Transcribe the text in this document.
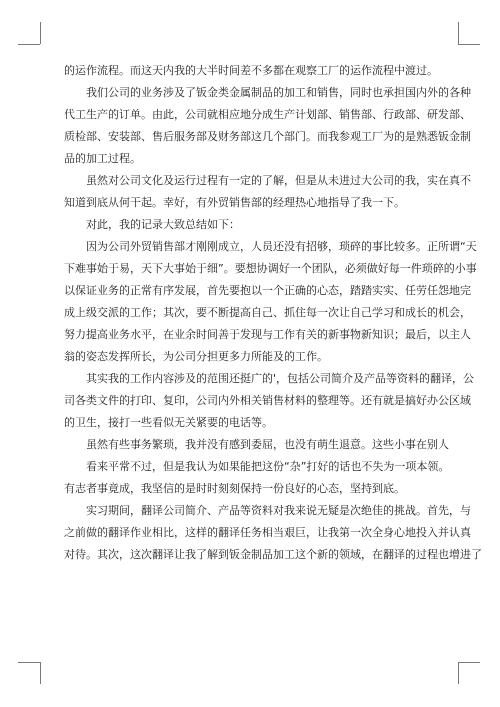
的运作流程。而这天内我的大半时间差不多都在观察工厂的运作流程中渡过。
我们公司的业务涉及了钣金类金属制品的加工和销售，同时也承担国内外的各种
代工生产的订单。由此，公司就相应地分成生产计划部、销售部、行政部、研发部、
质检部、安装部、售后服务部及财务部这几个部门。而我参观工厂为的是熟悉钣金制
品的加工过程。
虽然对公司文化及运行过程有一定的了解，但是从未进过大公司的我，实在真不
知道到底从何干起。幸好，有外贸销售部的经理热心地指导了我一下。
对此，我的记录大致总结如下：
因为公司外贸销售部才刚刚成立，人员还没有招够，琐碎的事比较多。正所谓“天
下难事始于易，天下大事始于细”。要想协调好一个团队，必须做好每一件琐碎的小事
以保证业务的正常有序发展，首先要抱以一个正确的心态，踏踏实实、任劳任怨地完
成上级交派的工作；其次，要不断提高自己、抓住每一次让自己学习和成长的机会，
努力提高业务水平，在业余时间善于发现与工作有关的新事物新知识；最后，以主人
翁的姿态发挥所长，为公司分担更多力所能及的工作。
其实我的工作内容涉及的范围还挺广的'，包括公司简介及产品等资料的翻译，公
司各类文件的打印、复印，公司内外相关销售材料的整理等。还有就是搞好办公区域
的卫生，接打一些看似无关紧要的电话等。
虽然有些事务繁琐，我并没有感到委屈，也没有萌生退意。这些小事在别人
看来平常不过，但是我认为如果能把这份“杂”打好的话也不失为一项本领。
有志者事竟成，我坚信的是时时刻刻保持一份良好的心态，坚持到底。
实习期间，翻译公司简介、产品等资料对我来说无疑是次绝佳的挑战。首先，与
之前做的翻译作业相比，这样的翻译任务相当艰巨，让我第一次全身心地投入并认真
对待。其次，这次翻译让我了解到钣金制品加工这个新的领域，在翻译的过程也增进了
